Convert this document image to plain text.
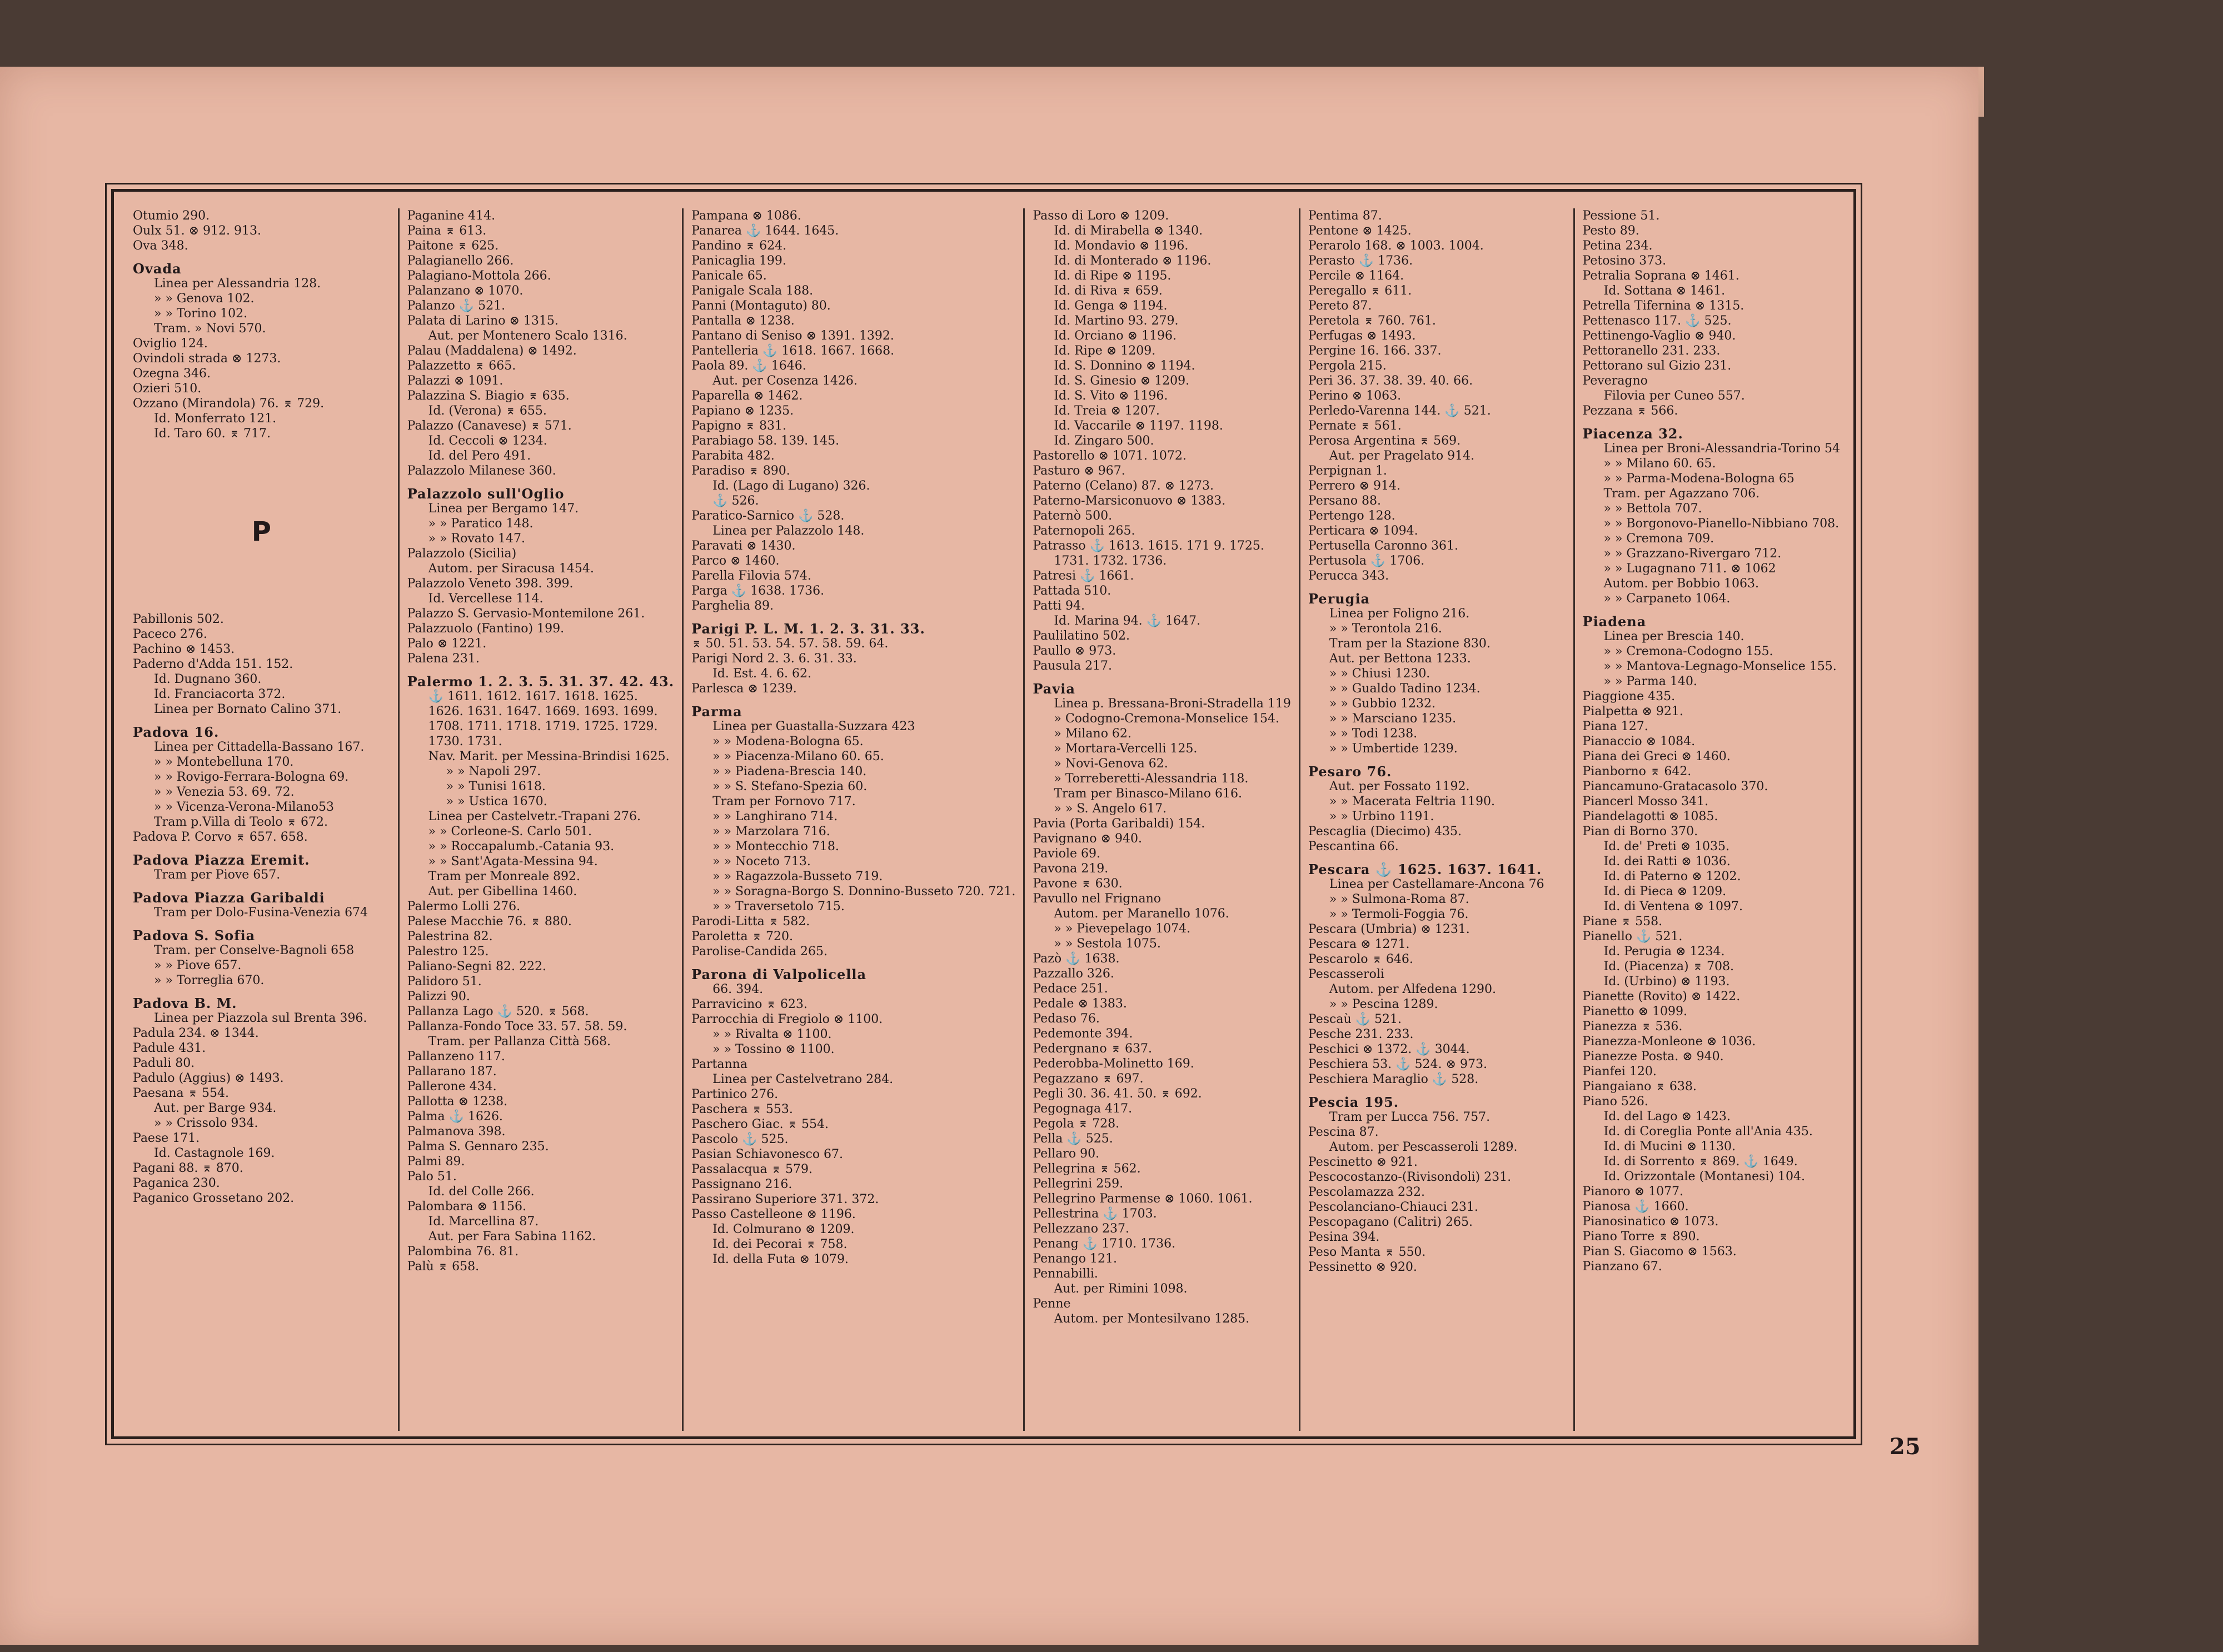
Otumio 290.
Oulx 51. ⊗ 912. 913.
Ova 348.
Ovada
Linea per Alessandria 128.
» » Genova 102.
» » Torino 102.
Tram. » Novi 570.
Oviglio 124.
Ovindoli strada ⊗ 1273.
Ozegna 346.
Ozieri 510.
Ozzano (Mirandola) 76. ⌆ 729.
Id. Monferrato 121.
Id. Taro 60. ⌆ 717.
P
Pabillonis 502.
Paceco 276.
Pachino ⊗ 1453.
Paderno d'Adda 151. 152.
Id. Dugnano 360.
Id. Franciacorta 372.
Linea per Bornato Calino 371.
Padova 16.
Linea per Cittadella-Bassano 167.
» » Montebelluna 170.
» » Rovigo-Ferrara-Bologna 69.
» » Venezia 53. 69. 72.
» » Vicenza-Verona-Milano53
Tram p.Villa di Teolo ⌆ 672.
Padova P. Corvo ⌆ 657. 658.
Padova Piazza Eremit.
Tram per Piove 657.
Padova Piazza Garibaldi
Tram per Dolo-Fusina-Venezia 674
Padova S. Sofia
Tram. per Conselve-Bagnoli 658
» » Piove 657.
» » Torreglia 670.
Padova B. M.
Linea per Piazzola sul Brenta 396.
Padula 234. ⊗ 1344.
Padule 431.
Paduli 80.
Padulo (Aggius) ⊗ 1493.
Paesana ⌆ 554.
Aut. per Barge 934.
» » Crissolo 934.
Paese 171.
Id. Castagnole 169.
Pagani 88. ⌆ 870.
Paganica 230.
Paganico Grossetano 202.
Paganine 414.
Paina ⌆ 613.
Paitone ⌆ 625.
Palagianello 266.
Palagiano-Mottola 266.
Palanzano ⊗ 1070.
Palanzo ⚓ 521.
Palata di Larino ⊗ 1315.
Aut. per Montenero Scalo 1316.
Palau (Maddalena) ⊗ 1492.
Palazzetto ⌆ 665.
Palazzi ⊗ 1091.
Palazzina S. Biagio ⌆ 635.
Id. (Verona) ⌆ 655.
Palazzo (Canavese) ⌆ 571.
Id. Ceccoli ⊗ 1234.
Id. del Pero 491.
Palazzolo Milanese 360.
Palazzolo sull'Oglio
Linea per Bergamo 147.
» » Paratico 148.
» » Rovato 147.
Palazzolo (Sicilia)
Autom. per Siracusa 1454.
Palazzolo Veneto 398. 399.
Id. Vercellese 114.
Palazzo S. Gervasio-Montemilone 261.
Palazzuolo (Fantino) 199.
Palo ⊗ 1221.
Palena 231.
Palermo 1. 2. 3. 5. 31. 37. 42. 43.
⚓ 1611. 1612. 1617. 1618. 1625.
1626. 1631. 1647. 1669. 1693. 1699.
1708. 1711. 1718. 1719. 1725. 1729.
1730. 1731.
Nav. Marit. per Messina-Brindisi 1625.
» » Napoli 297.
» » Tunisi 1618.
» » Ustica 1670.
Linea per Castelvetr.-Trapani 276.
» » Corleone-S. Carlo 501.
» » Roccapalumb.-Catania 93.
» » Sant'Agata-Messina 94.
Tram per Monreale 892.
Aut. per Gibellina 1460.
Palermo Lolli 276.
Palese Macchie 76. ⌆ 880.
Palestrina 82.
Palestro 125.
Paliano-Segni 82. 222.
Palidoro 51.
Palizzi 90.
Pallanza Lago ⚓ 520. ⌆ 568.
Pallanza-Fondo Toce 33. 57. 58. 59.
Tram. per Pallanza Città 568.
Pallanzeno 117.
Pallarano 187.
Pallerone 434.
Pallotta ⊗ 1238.
Palma ⚓ 1626.
Palmanova 398.
Palma S. Gennaro 235.
Palmi 89.
Palo 51.
Id. del Colle 266.
Palombara ⊗ 1156.
Id. Marcellina 87.
Aut. per Fara Sabina 1162.
Palombina 76. 81.
Palù ⌆ 658.
Pampana ⊗ 1086.
Panarea ⚓ 1644. 1645.
Pandino ⌆ 624.
Panicaglia 199.
Panicale 65.
Panigale Scala 188.
Panni (Montaguto) 80.
Pantalla ⊗ 1238.
Pantano di Seniso ⊗ 1391. 1392.
Pantelleria ⚓ 1618. 1667. 1668.
Paola 89. ⚓ 1646.
Aut. per Cosenza 1426.
Paparella ⊗ 1462.
Papiano ⊗ 1235.
Papigno ⌆ 831.
Parabiago 58. 139. 145.
Parabita 482.
Paradiso ⌆ 890.
Id. (Lago di Lugano) 326.
⚓ 526.
Paratico-Sarnico ⚓ 528.
Linea per Palazzolo 148.
Paravati ⊗ 1430.
Parco ⊗ 1460.
Parella Filovia 574.
Parga ⚓ 1638. 1736.
Parghelia 89.
Parigi P. L. M. 1. 2. 3. 31. 33.
⌆ 50. 51. 53. 54. 57. 58. 59. 64.
Parigi Nord 2. 3. 6. 31. 33.
Id. Est. 4. 6. 62.
Parlesca ⊗ 1239.
Parma
Linea per Guastalla-Suzzara 423
» » Modena-Bologna 65.
» » Piacenza-Milano 60. 65.
» » Piadena-Brescia 140.
» » S. Stefano-Spezia 60.
Tram per Fornovo 717.
» » Langhirano 714.
» » Marzolara 716.
» » Montecchio 718.
» » Noceto 713.
» » Ragazzola-Busseto 719.
» » Soragna-Borgo S. Donnino-Busseto 720. 721.
» » Traversetolo 715.
Parodi-Litta ⌆ 582.
Paroletta ⌆ 720.
Parolise-Candida 265.
Parona di Valpolicella
66. 394.
Parravicino ⌆ 623.
Parrocchia di Fregiolo ⊗ 1100.
» » Rivalta ⊗ 1100.
» » Tossino ⊗ 1100.
Partanna
Linea per Castelvetrano 284.
Partinico 276.
Paschera ⌆ 553.
Paschero Giac. ⌆ 554.
Pascolo ⚓ 525.
Pasian Schiavonesco 67.
Passalacqua ⌆ 579.
Passignano 216.
Passirano Superiore 371. 372.
Passo Castelleone ⊗ 1196.
Id. Colmurano ⊗ 1209.
Id. dei Pecorai ⌆ 758.
Id. della Futa ⊗ 1079.
Passo di Loro ⊗ 1209.
Id. di Mirabella ⊗ 1340.
Id. Mondavio ⊗ 1196.
Id. di Monterado ⊗ 1196.
Id. di Ripe ⊗ 1195.
Id. di Riva ⌆ 659.
Id. Genga ⊗ 1194.
Id. Martino 93. 279.
Id. Orciano ⊗ 1196.
Id. Ripe ⊗ 1209.
Id. S. Donnino ⊗ 1194.
Id. S. Ginesio ⊗ 1209.
Id. S. Vito ⊗ 1196.
Id. Treia ⊗ 1207.
Id. Vaccarile ⊗ 1197. 1198.
Id. Zingaro 500.
Pastorello ⊗ 1071. 1072.
Pasturo ⊗ 967.
Paterno (Celano) 87. ⊗ 1273.
Paterno-Marsiconuovo ⊗ 1383.
Paternò 500.
Paternopoli 265.
Patrasso ⚓ 1613. 1615. 171 9. 1725.
1731. 1732. 1736.
Patresi ⚓ 1661.
Pattada 510.
Patti 94.
Id. Marina 94. ⚓ 1647.
Paulilatino 502.
Paullo ⊗ 973.
Pausula 217.
Pavia
Linea p. Bressana-Broni-Stradella 119
» Codogno-Cremona-Monselice 154.
» Milano 62.
» Mortara-Vercelli 125.
» Novi-Genova 62.
» Torreberetti-Alessandria 118.
Tram per Binasco-Milano 616.
» » S. Angelo 617.
Pavia (Porta Garibaldi) 154.
Pavignano ⊗ 940.
Paviole 69.
Pavona 219.
Pavone ⌆ 630.
Pavullo nel Frignano
Autom. per Maranello 1076.
» » Pievepelago 1074.
» » Sestola 1075.
Pazò ⚓ 1638.
Pazzallo 326.
Pedace 251.
Pedale ⊗ 1383.
Pedaso 76.
Pedemonte 394.
Pedergnano ⌆ 637.
Pederobba-Molinetto 169.
Pegazzano ⌆ 697.
Pegli 30. 36. 41. 50. ⌆ 692.
Pegognaga 417.
Pegola ⌆ 728.
Pella ⚓ 525.
Pellaro 90.
Pellegrina ⌆ 562.
Pellegrini 259.
Pellegrino Parmense ⊗ 1060. 1061.
Pellestrina ⚓ 1703.
Pellezzano 237.
Penang ⚓ 1710. 1736.
Penango 121.
Pennabilli.
Aut. per Rimini 1098.
Penne
Autom. per Montesilvano 1285.
Pentima 87.
Pentone ⊗ 1425.
Perarolo 168. ⊗ 1003. 1004.
Perasto ⚓ 1736.
Percile ⊗ 1164.
Peregallo ⌆ 611.
Pereto 87.
Peretola ⌆ 760. 761.
Perfugas ⊗ 1493.
Pergine 16. 166. 337.
Pergola 215.
Peri 36. 37. 38. 39. 40. 66.
Perino ⊗ 1063.
Perledo-Varenna 144. ⚓ 521.
Pernate ⌆ 561.
Perosa Argentina ⌆ 569.
Aut. per Pragelato 914.
Perpignan 1.
Perrero ⊗ 914.
Persano 88.
Pertengo 128.
Perticara ⊗ 1094.
Pertusella Caronno 361.
Pertusola ⚓ 1706.
Perucca 343.
Perugia
Linea per Foligno 216.
» » Terontola 216.
Tram per la Stazione 830.
Aut. per Bettona 1233.
» » Chiusi 1230.
» » Gualdo Tadino 1234.
» » Gubbio 1232.
» » Marsciano 1235.
» » Todi 1238.
» » Umbertide 1239.
Pesaro 76.
Aut. per Fossato 1192.
» » Macerata Feltria 1190.
» » Urbino 1191.
Pescaglia (Diecimo) 435.
Pescantina 66.
Pescara ⚓ 1625. 1637. 1641.
Linea per Castellamare-Ancona 76
» » Sulmona-Roma 87.
» » Termoli-Foggia 76.
Pescara (Umbria) ⊗ 1231.
Pescara ⊗ 1271.
Pescarolo ⌆ 646.
Pescasseroli
Autom. per Alfedena 1290.
» » Pescina 1289.
Pescaù ⚓ 521.
Pesche 231. 233.
Peschici ⊗ 1372. ⚓ 3044.
Peschiera 53. ⚓ 524. ⊗ 973.
Peschiera Maraglio ⚓ 528.
Pescia 195.
Tram per Lucca 756. 757.
Pescina 87.
Autom. per Pescasseroli 1289.
Pescinetto ⊗ 921.
Pescocostanzo-(Rivisondoli) 231.
Pescolamazza 232.
Pescolanciano-Chiauci 231.
Pescopagano (Calitri) 265.
Pesina 394.
Peso Manta ⌆ 550.
Pessinetto ⊗ 920.
Pessione 51.
Pesto 89.
Petina 234.
Petosino 373.
Petralia Soprana ⊗ 1461.
Id. Sottana ⊗ 1461.
Petrella Tifernina ⊗ 1315.
Pettenasco 117. ⚓ 525.
Pettinengo-Vaglio ⊗ 940.
Pettoranello 231. 233.
Pettorano sul Gizio 231.
Peveragno
Filovia per Cuneo 557.
Pezzana ⌆ 566.
Piacenza 32.
Linea per Broni-Alessandria-Torino 54
» » Milano 60. 65.
» » Parma-Modena-Bologna 65
Tram. per Agazzano 706.
» » Bettola 707.
» » Borgonovo-Pianello-Nibbiano 708.
» » Cremona 709.
» » Grazzano-Rivergaro 712.
» » Lugagnano 711. ⊗ 1062
Autom. per Bobbio 1063.
» » Carpaneto 1064.
Piadena
Linea per Brescia 140.
» » Cremona-Codogno 155.
» » Mantova-Legnago-Monselice 155.
» » Parma 140.
Piaggione 435.
Pialpetta ⊗ 921.
Piana 127.
Pianaccio ⊗ 1084.
Piana dei Greci ⊗ 1460.
Pianborno ⌆ 642.
Piancamuno-Gratacasolo 370.
Piancerl Mosso 341.
Piandelagotti ⊗ 1085.
Pian di Borno 370.
Id. de' Preti ⊗ 1035.
Id. dei Ratti ⊗ 1036.
Id. di Paterno ⊗ 1202.
Id. di Pieca ⊗ 1209.
Id. di Ventena ⊗ 1097.
Piane ⌆ 558.
Pianello ⚓ 521.
Id. Perugia ⊗ 1234.
Id. (Piacenza) ⌆ 708.
Id. (Urbino) ⊗ 1193.
Pianette (Rovito) ⊗ 1422.
Pianetto ⊗ 1099.
Pianezza ⌆ 536.
Pianezza-Monleone ⊗ 1036.
Pianezze Posta. ⊗ 940.
Pianfei 120.
Piangaiano ⌆ 638.
Piano 526.
Id. del Lago ⊗ 1423.
Id. di Coreglia Ponte all'Ania 435.
Id. di Mucini ⊗ 1130.
Id. di Sorrento ⌆ 869. ⚓ 1649.
Id. Orizzontale (Montanesi) 104.
Pianoro ⊗ 1077.
Pianosa ⚓ 1660.
Pianosinatico ⊗ 1073.
Piano Torre ⌆ 890.
Pian S. Giacomo ⊗ 1563.
Pianzano 67.
25
